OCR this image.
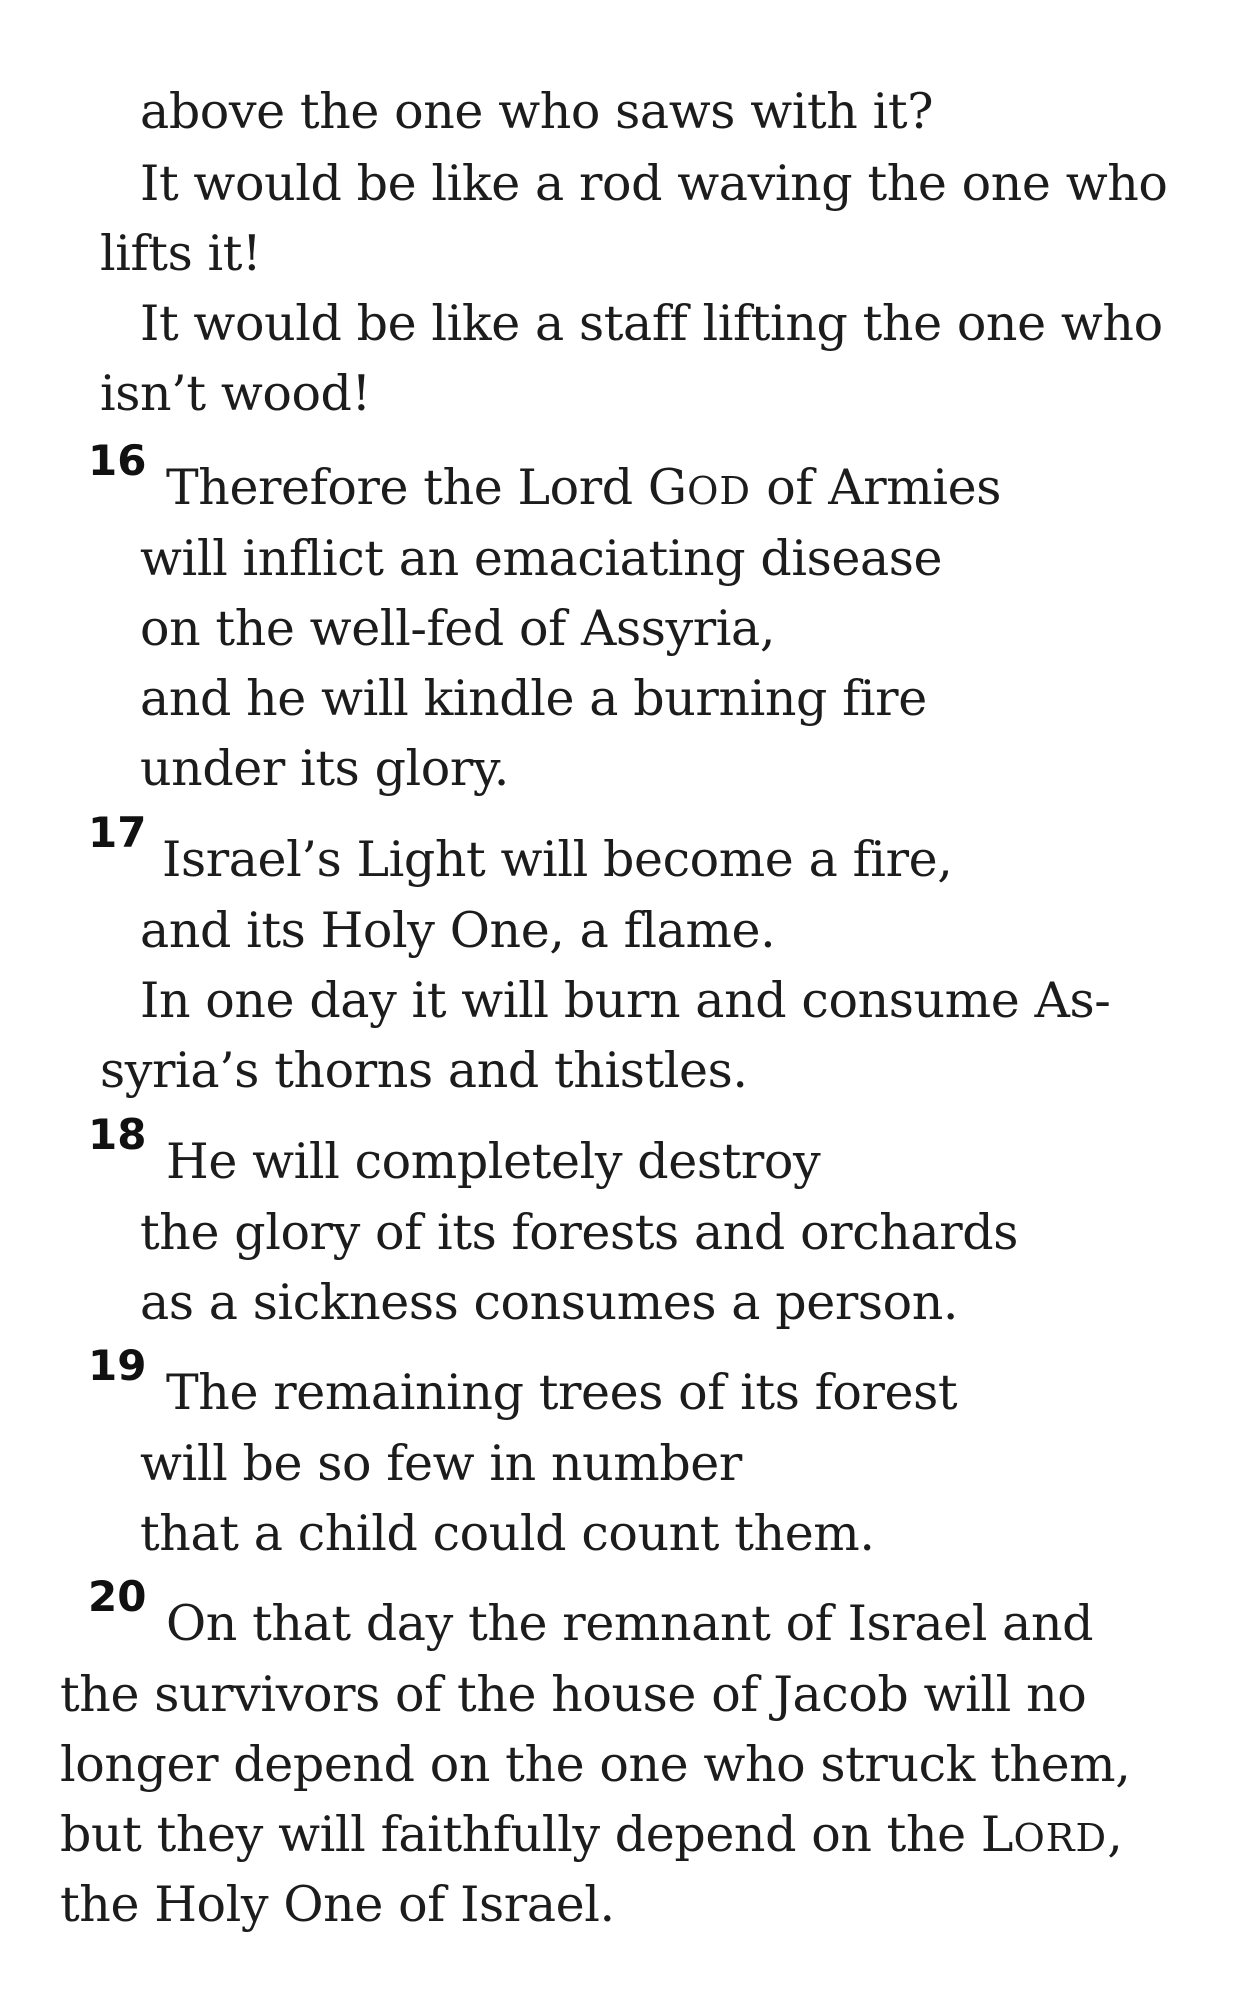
above the one who saws with it?
It would be like a rod waving the one who
lifts it!
It would be like a staff lifting the one who
isn’t wood!
16 Therefore the Lord GOD of Armies
will inflict an emaciating disease
on the well-fed of Assyria,
and he will kindle a burning fire
under its glory.
17 Israel’s Light will become a fire,
and its Holy One, a flame.
In one day it will burn and consume As-
syria’s thorns and thistles.
18 He will completely destroy
the glory of its forests and orchards
as a sickness consumes a person.
19 The remaining trees of its forest
will be so few in number
that a child could count them.
20 On that day the remnant of Israel and
the survivors of the house of Jacob will no
longer depend on the one who struck them,
but they will faithfully depend on the LORD,
the Holy One of Israel.
